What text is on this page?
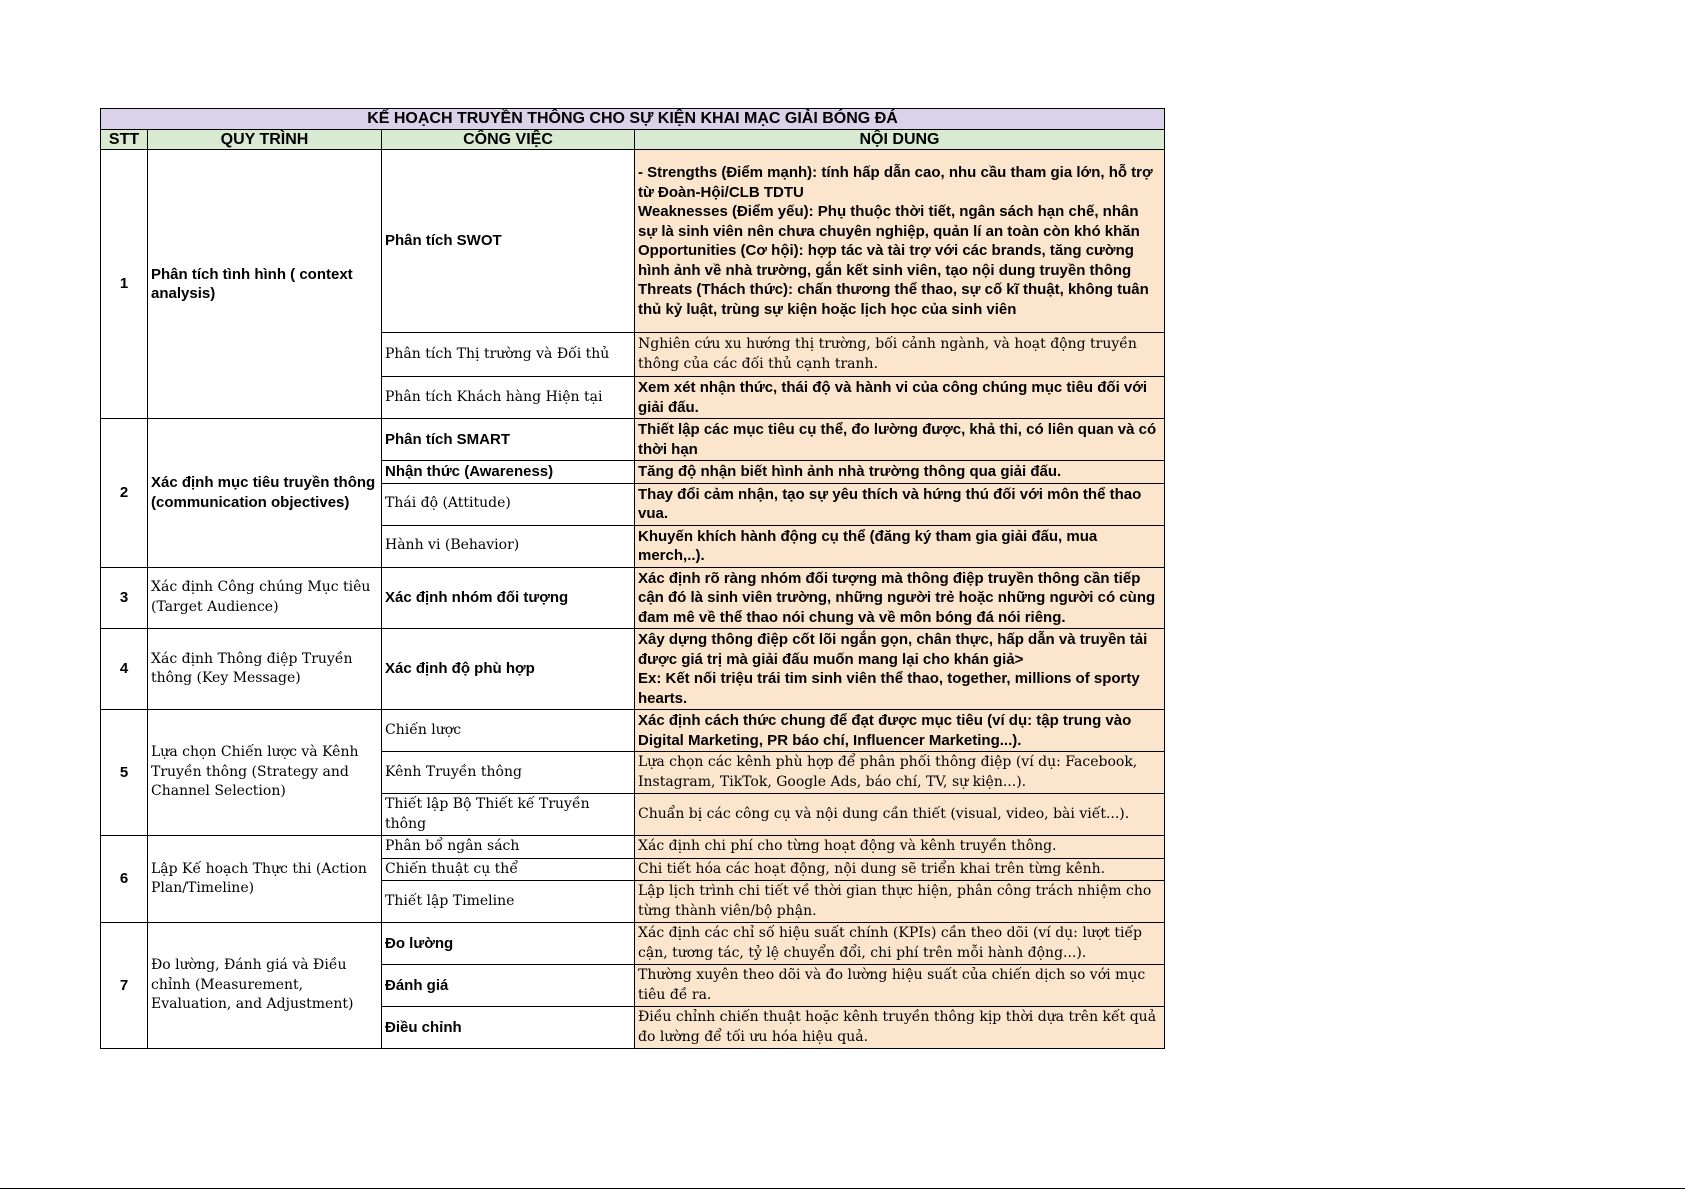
KẾ HOẠCH TRUYỀN THÔNG CHO SỰ KIỆN KHAI MẠC GIẢI BÓNG ĐÁ			
STT	QUY TRÌNH	CÔNG VIỆC	NỘI DUNG
1	Phân tích tình hình ( context analysis)	Phân tích SWOT	- Strengths (Điểm mạnh): tính hấp dẫn cao, nhu cầu tham gia lớn, hỗ trợ từ Đoàn-Hội/CLB TDTU
Weaknesses (Điểm yếu): Phụ thuộc thời tiết, ngân sách hạn chế, nhân sự là sinh viên nên chưa chuyên nghiệp, quản lí an toàn còn khó khăn
Opportunities (Cơ hội): hợp tác và tài trợ với các brands, tăng cường hình ảnh về nhà trường, gắn kết sinh viên, tạo nội dung truyền thông
Threats (Thách thức): chấn thương thể thao, sự cố kĩ thuật, không tuân thủ kỷ luật, trùng sự kiện hoặc lịch học của sinh viên

		Phân tích Thị trường và Đối thủ	Nghiên cứu xu hướng thị trường, bối cảnh ngành, và hoạt động truyền thông của các đối thủ cạnh tranh.

		Phân tích Khách hàng Hiện tại	Xem xét nhận thức, thái độ và hành vi của công chúng mục tiêu đối với giải đấu.

2	Xác định mục tiêu truyền thông (communication objectives)	Phân tích SMART	Thiết lập các mục tiêu cụ thể, đo lường được, khả thi, có liên quan và có thời hạn

		Nhận thức (Awareness)	Tăng độ nhận biết hình ảnh nhà trường thông qua giải đấu.

		Thái độ (Attitude)	Thay đổi cảm nhận, tạo sự yêu thích và hứng thú đối với môn thể thao vua.

		Hành vi (Behavior)	Khuyến khích hành động cụ thể (đăng ký tham gia giải đấu, mua merch,..).

3	Xác định Công chúng Mục tiêu (Target Audience)	Xác định nhóm đối tượng	Xác định rõ ràng nhóm đối tượng mà thông điệp truyền thông cần tiếp cận đó là sinh viên trường, những người trẻ hoặc những người có cùng đam mê về thể thao nói chung và về môn bóng đá nói riêng.

4	Xác định Thông điệp Truyền thông (Key Message)	Xác định độ phù hợp	Xây dựng thông điệp cốt lõi ngắn gọn, chân thực, hấp dẫn và truyền tải được giá trị mà giải đấu muốn mang lại cho khán giả>
Ex: Kết nối triệu trái tim sinh viên thể thao, together, millions of sporty hearts.

5	Lựa chọn Chiến lược và Kênh Truyền thông (Strategy and Channel Selection)	Chiến lược	Xác định cách thức chung để đạt được mục tiêu (ví dụ: tập trung vào Digital Marketing, PR báo chí, Influencer Marketing...).

		Kênh Truyền thông	Lựa chọn các kênh phù hợp để phân phối thông điệp (ví dụ: Facebook, Instagram, TikTok, Google Ads, báo chí, TV, sự kiện...).

		Thiết lập Bộ Thiết kế Truyền thông	Chuẩn bị các công cụ và nội dung cần thiết (visual, video, bài viết...).

6	Lập Kế hoạch Thực thi (Action Plan/Timeline)	Phân bổ ngân sách	Xác định chi phí cho từng hoạt động và kênh truyền thông.

		Chiến thuật cụ thể	Chi tiết hóa các hoạt động, nội dung sẽ triển khai trên từng kênh.

		Thiết lập Timeline	Lập lịch trình chi tiết về thời gian thực hiện, phân công trách nhiệm cho từng thành viên/bộ phận.

7	Đo lường, Đánh giá và Điều chỉnh (Measurement, Evaluation, and Adjustment)	Đo lường	Xác định các chỉ số hiệu suất chính (KPIs) cần theo dõi (ví dụ: lượt tiếp cận, tương tác, tỷ lệ chuyển đổi, chi phí trên mỗi hành động...).

		Đánh giá	Thường xuyên theo dõi và đo lường hiệu suất của chiến dịch so với mục tiêu đề ra.

		Điều chỉnh	Điều chỉnh chiến thuật hoặc kênh truyền thông kịp thời dựa trên kết quả đo lường để tối ưu hóa hiệu quả.
